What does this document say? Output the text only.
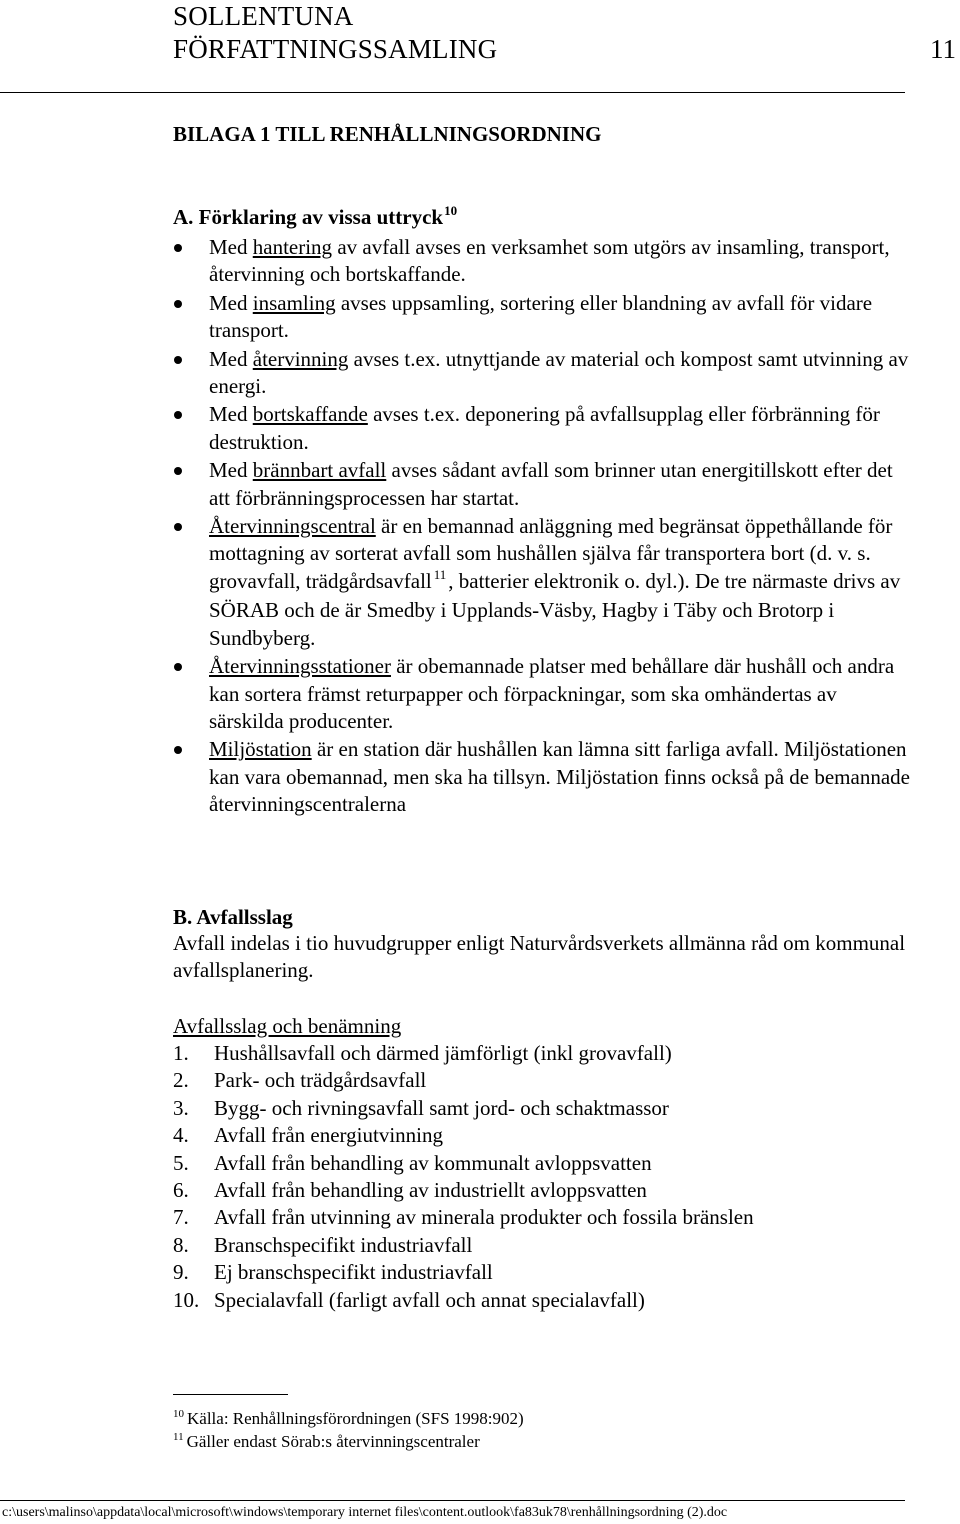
SOLLENTUNA
FÖRFATTNINGSSAMLING	11
BILAGA 1 TILL RENHÅLLNINGSORDNING
A. Förklaring av vissa uttryck$^{10}$
Med hantering av avfall avses en verksamhet som utgörs av insamling, transport, återvinning och bortskaffande.
Med insamling avses uppsamling, sortering eller blandning av avfall för vidare transport.
Med återvinning avses t.ex. utnyttjande av material och kompost samt utvinning av energi.
Med bortskaffande avses t.ex. deponering på avfallsupplag eller förbränning för destruktion.
Med brännbart avfall avses sådant avfall som brinner utan energitillskott efter det att förbränningsprocessen har startat.
Återvinningscentral är en bemannad anläggning med begränsat öppethållande för mottagning av sorterat avfall som hushållen själva får transportera bort (d. v. s. grovavfall, trädgårdsavfall $^{11}$, batterier elektronik o. dyl.). De tre närmaste drivs av SÖRAB och de är Smedby i Upplands-Väsby, Hagby i Täby och Brotorp i Sundbyberg.
Återvinningsstationer är obemannade platser med behållare där hushåll och andra kan sortera främst returpapper och förpackningar, som ska omhändertas av särskilda producenter.
Miljöstation är en station där hushållen kan lämna sitt farliga avfall. Miljöstationen kan vara obemannad, men ska ha tillsyn. Miljöstation finns också på de bemannade återvinningscentralerna
B. Avfallsslag
Avfall indelas i tio huvudgrupper enligt Naturvårdsverkets allmänna råd om kommunal avfallsplanering.
Avfallsslag och benämning
1. Hushållsavfall och därmed jämförligt (inkl grovavfall)
2. Park- och trädgårdsavfall
3. Bygg- och rivningsavfall samt jord- och schaktmassor
4. Avfall från energiutvinning
5. Avfall från behandling av kommunalt avloppsvatten
6. Avfall från behandling av industriellt avloppsvatten
7. Avfall från utvinning av minerala produkter och fossila bränslen
8. Branschspecifikt industriavfall
9. Ej branschspecifikt industriavfall
10. Specialavfall (farligt avfall och annat specialavfall)
$^{10}$ Källa: Renhållningsförordningen (SFS 1998:902)
$^{11}$ Gäller endast Sörab:s återvinningscentraler
c:\users\malinso\appdata\local\microsoft\windows\temporary internet files\content.outlook\fa83uk78\renhållningsordning (2).doc
